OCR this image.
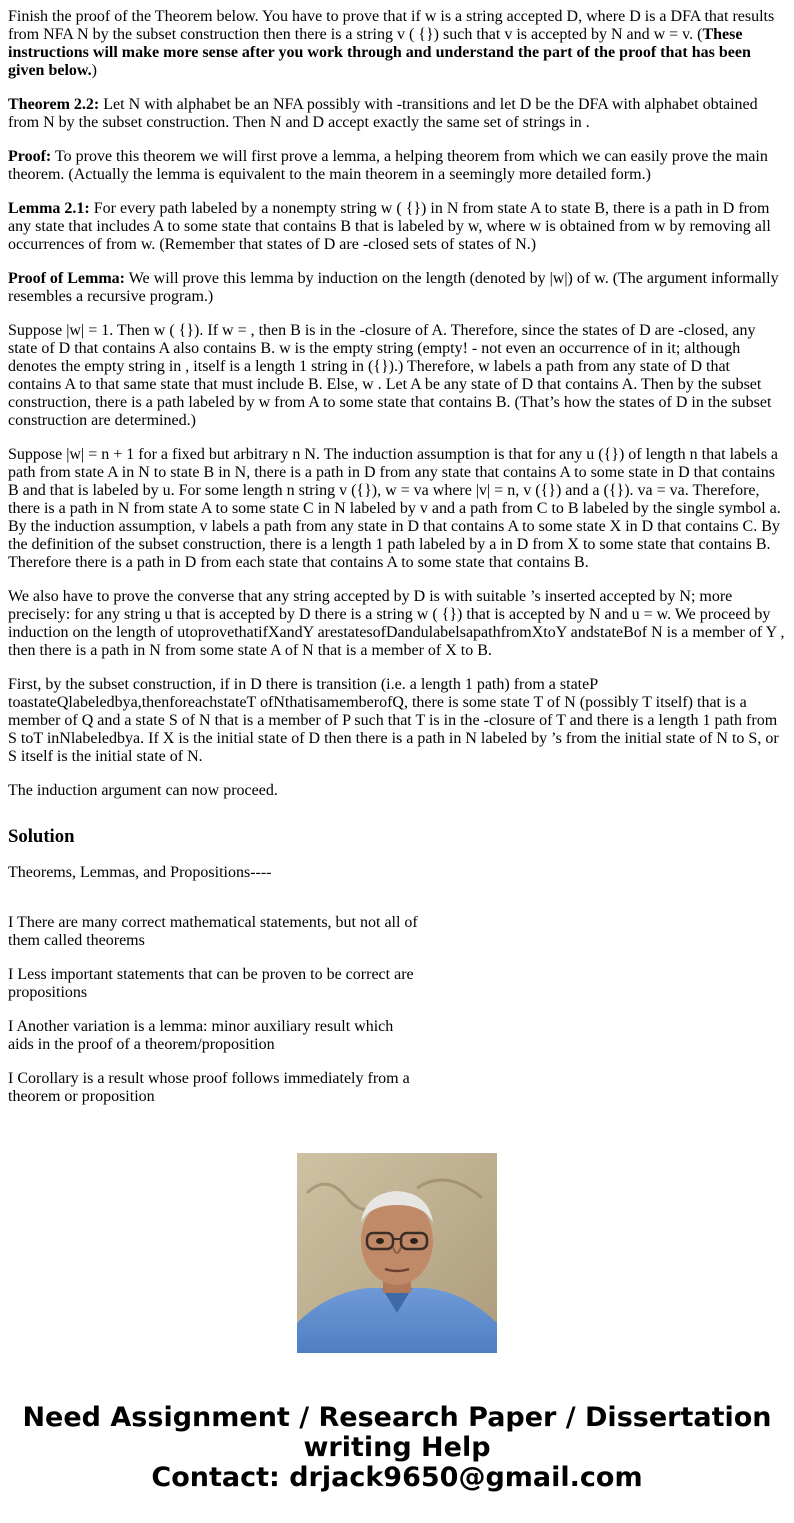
Finish the proof of the Theorem below. You have to prove that if w is a string accepted D, where D is a DFA that results from NFA N by the subset construction then there is a string v ( {}) such that v is accepted by N and w = v. (These instructions will make more sense after you work through and understand the part of the proof that has been given below.)

Theorem 2.2: Let N with alphabet be an NFA possibly with -transitions and let D be the DFA with alphabet obtained from N by the subset construction. Then N and D accept exactly the same set of strings in .

Proof: To prove this theorem we will first prove a lemma, a helping theorem from which we can easily prove the main theorem. (Actually the lemma is equivalent to the main theorem in a seemingly more detailed form.)

Lemma 2.1: For every path labeled by a nonempty string w ( {}) in N from state A to state B, there is a path in D from any state that includes A to some state that contains B that is labeled by w, where w is obtained from w by removing all occurrences of from w. (Remember that states of D are -closed sets of states of N.)

Proof of Lemma: We will prove this lemma by induction on the length (denoted by |w|) of w. (The argument informally resembles a recursive program.)

Suppose |w| = 1. Then w ( {}). If w = , then B is in the -closure of A. Therefore, since the states of D are -closed, any state of D that contains A also contains B. w is the empty string (empty! - not even an occurrence of in it; although denotes the empty string in , itself is a length 1 string in ({}).) Therefore, w labels a path from any state of D that contains A to that same state that must include B. Else, w . Let A be any state of D that contains A. Then by the subset construction, there is a path labeled by w from A to some state that contains B. (That’s how the states of D in the subset construction are determined.)

Suppose |w| = n + 1 for a fixed but arbitrary n N. The induction assumption is that for any u ({}) of length n that labels a path from state A in N to state B in N, there is a path in D from any state that contains A to some state in D that contains B and that is labeled by u. For some length n string v ({}), w = va where |v| = n, v ({}) and a ({}). va = va. Therefore, there is a path in N from state A to some state C in N labeled by v and a path from C to B labeled by the single symbol a. By the induction assumption, v labels a path from any state in D that contains A to some state X in D that contains C. By the definition of the subset construction, there is a length 1 path labeled by a in D from X to some state that contains B. Therefore there is a path in D from each state that contains A to some state that contains B.

We also have to prove the converse that any string accepted by D is with suitable ’s inserted accepted by N; more precisely: for any string u that is accepted by D there is a string w ( {}) that is accepted by N and u = w. We proceed by induction on the length of utoprovethatifXandY arestatesofDandulabelsapathfromXtoY andstateBof N is a member of Y , then there is a path in N from some state A of N that is a member of X to B.

First, by the subset construction, if in D there is transition (i.e. a length 1 path) from a stateP toastateQlabeledbya,thenforeachstateT ofNthatisamemberofQ, there is some state T of N (possibly T itself) that is a member of Q and a state S of N that is a member of P such that T is in the -closure of T and there is a length 1 path from S toT inNlabeledbya. If X is the initial state of D then there is a path in N labeled by ’s from the initial state of N to S, or S itself is the initial state of N.

The induction argument can now proceed.

Solution

Theorems, Lemmas, and Propositions----

I There are many correct mathematical statements, but not all of them called theorems

I Less important statements that can be proven to be correct are propositions

I Another variation is a lemma: minor auxiliary result which aids in the proof of a theorem/proposition

I Corollary is a result whose proof follows immediately from a theorem or proposition

Need Assignment / Research Paper / Dissertation
writing Help
Contact: drjack9650@gmail.com
